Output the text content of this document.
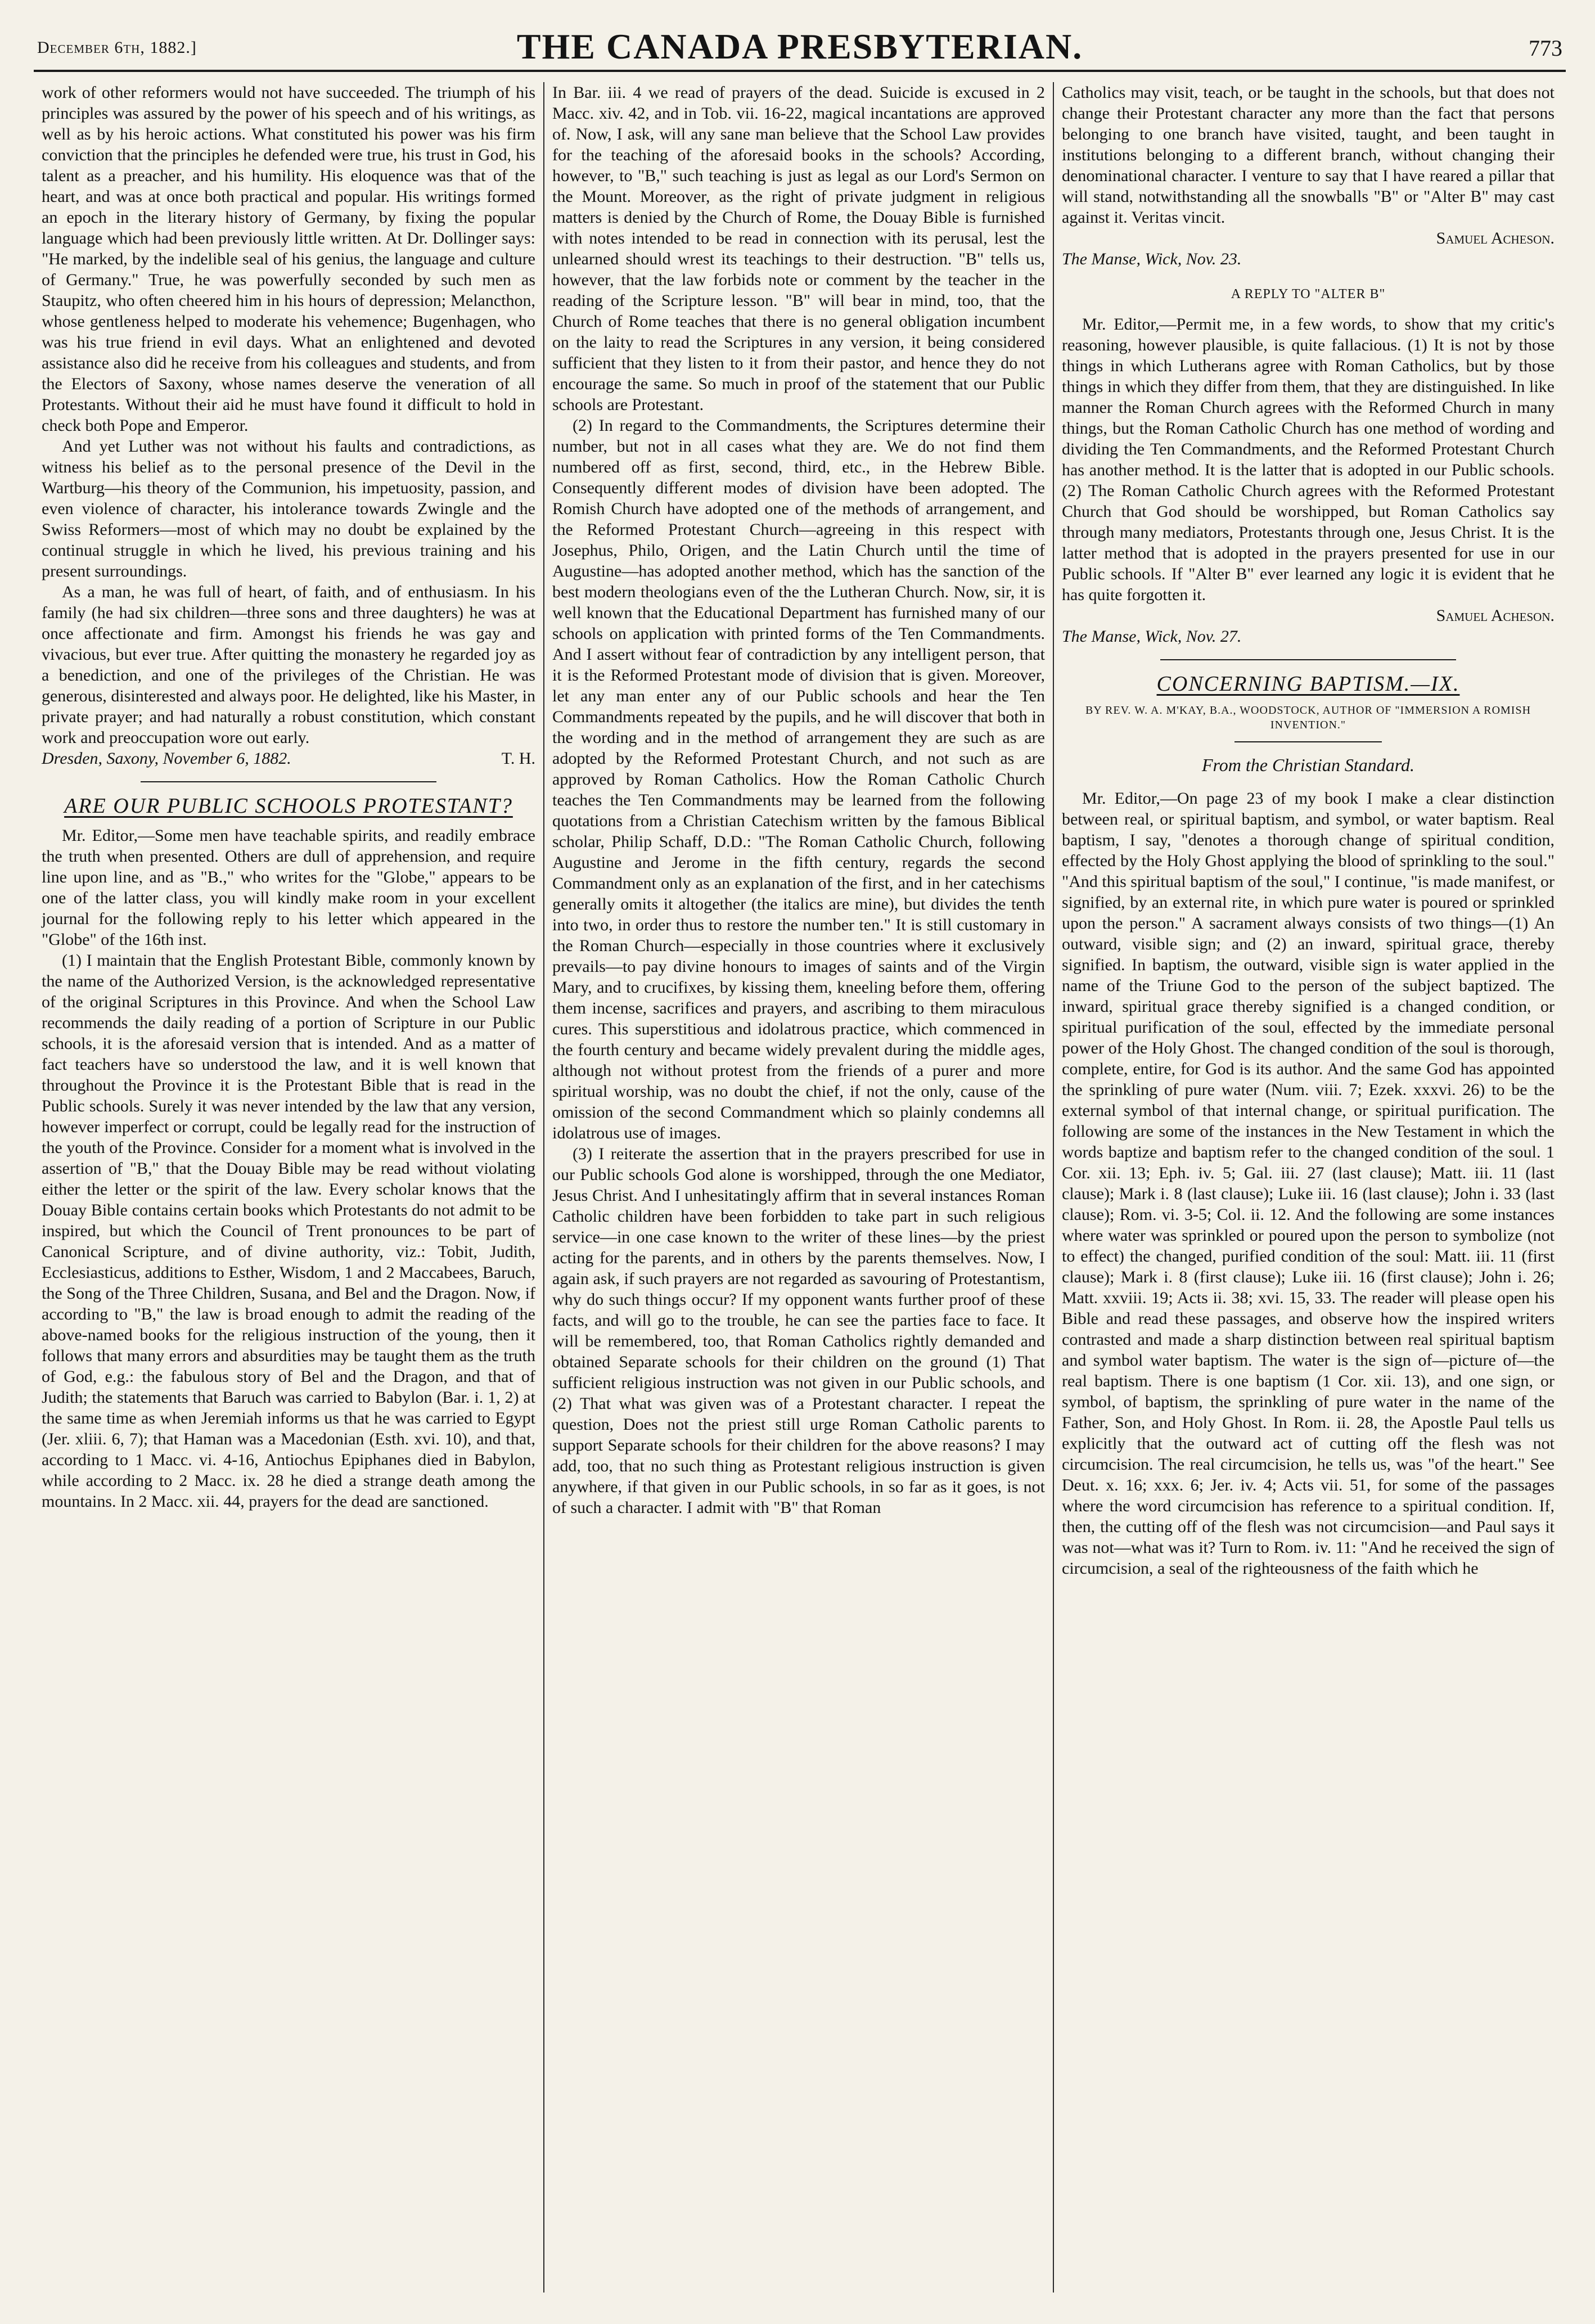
December 6th, 1882.]	THE CANADA PRESBYTERIAN.	773

work of other reformers would not have succeeded. The triumph of his principles was assured by the power of his speech and of his writings, as well as by his heroic actions. What constituted his power was his firm conviction that the principles he defended were true, his trust in God, his talent as a preacher, and his humility. His eloquence was that of the heart, and was at once both practical and popular. His writings formed an epoch in the literary history of Germany, by fixing the popular language which had been previously little written. At Dr. Dollinger says: "He marked, by the indelible seal of his genius, the language and culture of Germany." True, he was powerfully seconded by such men as Staupitz, who often cheered him in his hours of depression; Melancthon, whose gentleness helped to moderate his vehemence; Bugenhagen, who was his true friend in evil days. What an enlightened and devoted assistance also did he receive from his colleagues and students, and from the Electors of Saxony, whose names deserve the veneration of all Protestants. Without their aid he must have found it difficult to hold in check both Pope and Emperor.

And yet Luther was not without his faults and contradictions, as witness his belief as to the personal presence of the Devil in the Wartburg—his theory of the Communion, his impetuosity, passion, and even violence of character, his intolerance towards Zwingle and the Swiss Reformers—most of which may no doubt be explained by the continual struggle in which he lived, his previous training and his present surroundings.

As a man, he was full of heart, of faith, and of enthusiasm. In his family (he had six children—three sons and three daughters) he was at once affectionate and firm. Amongst his friends he was gay and vivacious, but ever true. After quitting the monastery he regarded joy as a benediction, and one of the privileges of the Christian. He was generous, disinterested and always poor. He delighted, like his Master, in private prayer; and had naturally a robust constitution, which constant work and preoccupation wore out early.

Dresden, Saxony, November 6, 1882.	T. H.

ARE OUR PUBLIC SCHOOLS PROTESTANT?

Mr. Editor,—Some men have teachable spirits, and readily embrace the truth when presented. Others are dull of apprehension, and require line upon line, and as "B.," who writes for the "Globe," appears to be one of the latter class, you will kindly make room in your excellent journal for the following reply to his letter which appeared in the "Globe" of the 16th inst.

(1) I maintain that the English Protestant Bible, commonly known by the name of the Authorized Version, is the acknowledged representative of the original Scriptures in this Province. And when the School Law recommends the daily reading of a portion of Scripture in our Public schools, it is the aforesaid version that is intended. And as a matter of fact teachers have so understood the law, and it is well known that throughout the Province it is the Protestant Bible that is read in the Public schools. Surely it was never intended by the law that any version, however imperfect or corrupt, could be legally read for the instruction of the youth of the Province. Consider for a moment what is involved in the assertion of "B," that the Douay Bible may be read without violating either the letter or the spirit of the law. Every scholar knows that the Douay Bible contains certain books which Protestants do not admit to be inspired, but which the Council of Trent pronounces to be part of Canonical Scripture, and of divine authority, viz.: Tobit, Judith, Ecclesiasticus, additions to Esther, Wisdom, 1 and 2 Maccabees, Baruch, the Song of the Three Children, Susana, and Bel and the Dragon. Now, if according to "B," the law is broad enough to admit the reading of the above-named books for the religious instruction of the young, then it follows that many errors and absurdities may be taught them as the truth of God, e.g.: the fabulous story of Bel and the Dragon, and that of Judith; the statements that Baruch was carried to Babylon (Bar. i. 1, 2) at the same time as when Jeremiah informs us that he was carried to Egypt (Jer. xliii. 6, 7); that Haman was a Macedonian (Esth. xvi. 10), and that, according to 1 Macc. vi. 4-16, Antiochus Epiphanes died in Babylon, while according to 2 Macc. ix. 28 he died a strange death among the mountains. In 2 Macc. xii. 44, prayers for the dead are sanctioned.

In Bar. iii. 4 we read of prayers of the dead. Suicide is excused in 2 Macc. xiv. 42, and in Tob. vii. 16-22, magical incantations are approved of. Now, I ask, will any sane man believe that the School Law provides for the teaching of the aforesaid books in the schools? According, however, to "B," such teaching is just as legal as our Lord's Sermon on the Mount. Moreover, as the right of private judgment in religious matters is denied by the Church of Rome, the Douay Bible is furnished with notes intended to be read in connection with its perusal, lest the unlearned should wrest its teachings to their destruction. "B" tells us, however, that the law forbids note or comment by the teacher in the reading of the Scripture lesson. "B" will bear in mind, too, that the Church of Rome teaches that there is no general obligation incumbent on the laity to read the Scriptures in any version, it being considered sufficient that they listen to it from their pastor, and hence they do not encourage the same. So much in proof of the statement that our Public schools are Protestant.

(2) In regard to the Commandments, the Scriptures determine their number, but not in all cases what they are. We do not find them numbered off as first, second, third, etc., in the Hebrew Bible. Consequently different modes of division have been adopted. The Romish Church have adopted one of the methods of arrangement, and the Reformed Protestant Church—agreeing in this respect with Josephus, Philo, Origen, and the Latin Church until the time of Augustine—has adopted another method, which has the sanction of the best modern theologians even of the the Lutheran Church. Now, sir, it is well known that the Educational Department has furnished many of our schools on application with printed forms of the Ten Commandments. And I assert without fear of contradiction by any intelligent person, that it is the Reformed Protestant mode of division that is given. Moreover, let any man enter any of our Public schools and hear the Ten Commandments repeated by the pupils, and he will discover that both in the wording and in the method of arrangement they are such as are adopted by the Reformed Protestant Church, and not such as are approved by Roman Catholics. How the Roman Catholic Church teaches the Ten Commandments may be learned from the following quotations from a Christian Catechism written by the famous Biblical scholar, Philip Schaff, D.D.: "The Roman Catholic Church, following Augustine and Jerome in the fifth century, regards the second Commandment only as an explanation of the first, and in her catechisms generally omits it altogether (the italics are mine), but divides the tenth into two, in order thus to restore the number ten." It is still customary in the Roman Church—especially in those countries where it exclusively prevails—to pay divine honours to images of saints and of the Virgin Mary, and to crucifixes, by kissing them, kneeling before them, offering them incense, sacrifices and prayers, and ascribing to them miraculous cures. This superstitious and idolatrous practice, which commenced in the fourth century and became widely prevalent during the middle ages, although not without protest from the friends of a purer and more spiritual worship, was no doubt the chief, if not the only, cause of the omission of the second Commandment which so plainly condemns all idolatrous use of images.

(3) I reiterate the assertion that in the prayers prescribed for use in our Public schools God alone is worshipped, through the one Mediator, Jesus Christ. And I unhesitatingly affirm that in several instances Roman Catholic children have been forbidden to take part in such religious service—in one case known to the writer of these lines—by the priest acting for the parents, and in others by the parents themselves. Now, I again ask, if such prayers are not regarded as savouring of Protestantism, why do such things occur? If my opponent wants further proof of these facts, and will go to the trouble, he can see the parties face to face. It will be remembered, too, that Roman Catholics rightly demanded and obtained Separate schools for their children on the ground (1) That sufficient religious instruction was not given in our Public schools, and (2) That what was given was of a Protestant character. I repeat the question, Does not the priest still urge Roman Catholic parents to support Separate schools for their children for the above reasons? I may add, too, that no such thing as Protestant religious instruction is given anywhere, if that given in our Public schools, in so far as it goes, is not of such a character. I admit with "B" that Roman

Catholics may visit, teach, or be taught in the schools, but that does not change their Protestant character any more than the fact that persons belonging to one branch have visited, taught, and been taught in institutions belonging to a different branch, without changing their denominational character. I venture to say that I have reared a pillar that will stand, notwithstanding all the snowballs "B" or "Alter B" may cast against it. Veritas vincit.

Samuel Acheson.

The Manse, Wick, Nov. 23.

A REPLY TO "ALTER B"

Mr. Editor,—Permit me, in a few words, to show that my critic's reasoning, however plausible, is quite fallacious. (1) It is not by those things in which Lutherans agree with Roman Catholics, but by those things in which they differ from them, that they are distinguished. In like manner the Roman Church agrees with the Reformed Church in many things, but the Roman Catholic Church has one method of wording and dividing the Ten Commandments, and the Reformed Protestant Church has another method. It is the latter that is adopted in our Public schools. (2) The Roman Catholic Church agrees with the Reformed Protestant Church that God should be worshipped, but Roman Catholics say through many mediators, Protestants through one, Jesus Christ. It is the latter method that is adopted in the prayers presented for use in our Public schools. If "Alter B" ever learned any logic it is evident that he has quite forgotten it.

Samuel Acheson.

The Manse, Wick, Nov. 27.

CONCERNING BAPTISM.—IX.
BY REV. W. A. M'KAY, B.A., WOODSTOCK, AUTHOR OF "IMMERSION A ROMISH INVENTION."
From the Christian Standard.

Mr. Editor,—On page 23 of my book I make a clear distinction between real, or spiritual baptism, and symbol, or water baptism. Real baptism, I say, "denotes a thorough change of spiritual condition, effected by the Holy Ghost applying the blood of sprinkling to the soul." "And this spiritual baptism of the soul," I continue, "is made manifest, or signified, by an external rite, in which pure water is poured or sprinkled upon the person." A sacrament always consists of two things—(1) An outward, visible sign; and (2) an inward, spiritual grace, thereby signified. In baptism, the outward, visible sign is water applied in the name of the Triune God to the person of the subject baptized. The inward, spiritual grace thereby signified is a changed condition, or spiritual purification of the soul, effected by the immediate personal power of the Holy Ghost. The changed condition of the soul is thorough, complete, entire, for God is its author. And the same God has appointed the sprinkling of pure water (Num. viii. 7; Ezek. xxxvi. 26) to be the external symbol of that internal change, or spiritual purification. The following are some of the instances in the New Testament in which the words baptize and baptism refer to the changed condition of the soul. 1 Cor. xii. 13; Eph. iv. 5; Gal. iii. 27 (last clause); Matt. iii. 11 (last clause); Mark i. 8 (last clause); Luke iii. 16 (last clause); John i. 33 (last clause); Rom. vi. 3-5; Col. ii. 12. And the following are some instances where water was sprinkled or poured upon the person to symbolize (not to effect) the changed, purified condition of the soul: Matt. iii. 11 (first clause); Mark i. 8 (first clause); Luke iii. 16 (first clause); John i. 26; Matt. xxviii. 19; Acts ii. 38; xvi. 15, 33. The reader will please open his Bible and read these passages, and observe how the inspired writers contrasted and made a sharp distinction between real spiritual baptism and symbol water baptism. The water is the sign of—picture of—the real baptism. There is one baptism (1 Cor. xii. 13), and one sign, or symbol, of baptism, the sprinkling of pure water in the name of the Father, Son, and Holy Ghost. In Rom. ii. 28, the Apostle Paul tells us explicitly that the outward act of cutting off the flesh was not circumcision. The real circumcision, he tells us, was "of the heart." See Deut. x. 16; xxx. 6; Jer. iv. 4; Acts vii. 51, for some of the passages where the word circumcision has reference to a spiritual condition. If, then, the cutting off of the flesh was not circumcision—and Paul says it was not—what was it? Turn to Rom. iv. 11: "And he received the sign of circumcision, a seal of the righteousness of the faith which he
